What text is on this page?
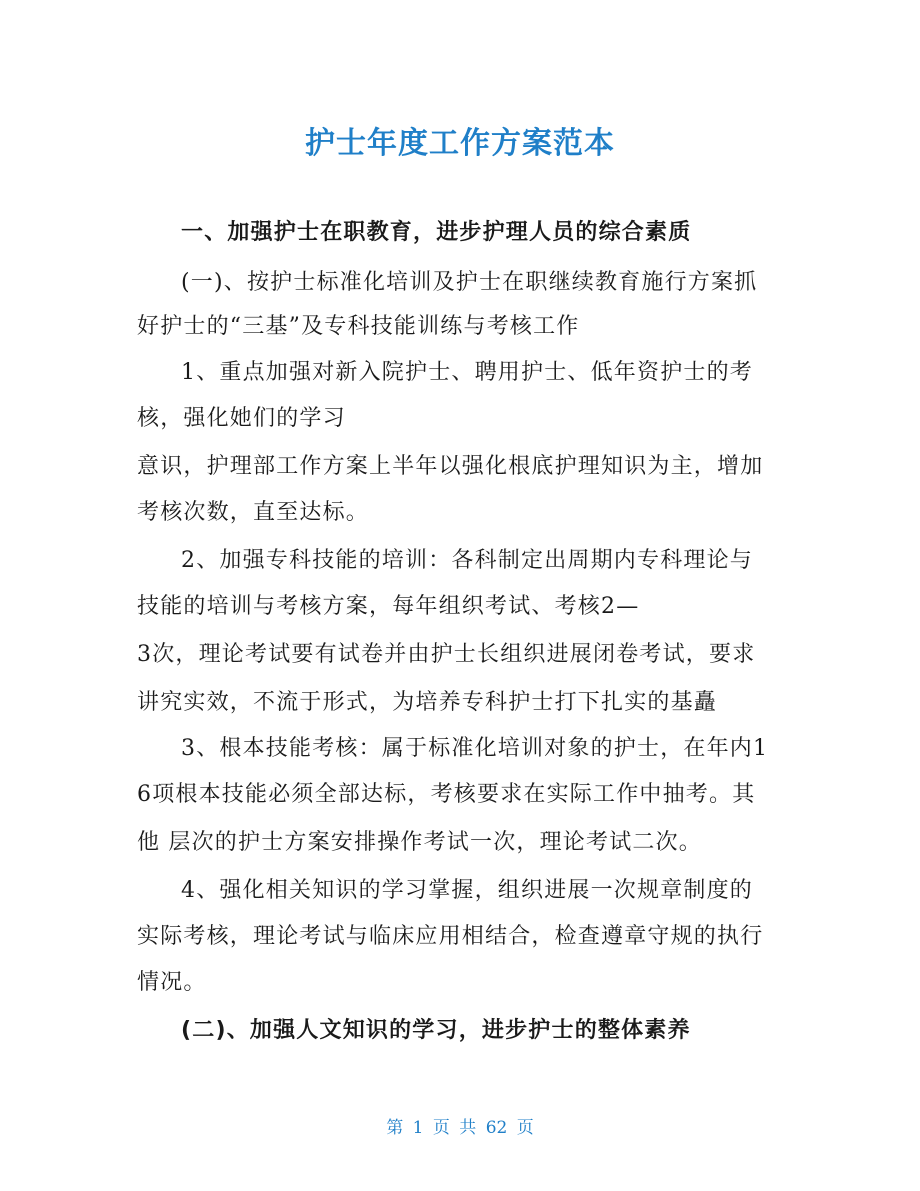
护士年度工作方案范本

一、加强护士在职教育，进步护理人员的综合素质

(一)、按护士标准化培训及护士在职继续教育施行方案抓

好护士的“三基”及专科技能训练与考核工作

1、重点加强对新入院护士、聘用护士、低年资护士的考

核，强化她们的学习

意识，护理部工作方案上半年以强化根底护理知识为主，增加

考核次数，直至达标。

2、加强专科技能的培训：各科制定出周期内专科理论与

技能的培训与考核方案，每年组织考试、考核2—

3次，理论考试要有试卷并由护士长组织进展闭卷考试，要求

讲究实效，不流于形式，为培养专科护士打下扎实的基矗

3、根本技能考核：属于标准化培训对象的护士，在年内1

6项根本技能必须全部达标，考核要求在实际工作中抽考。其

他 层次的护士方案安排操作考试一次，理论考试二次。

4、强化相关知识的学习掌握，组织进展一次规章制度的

实际考核，理论考试与临床应用相结合，检查遵章守规的执行

情况。

(二)、加强人文知识的学习，进步护士的整体素养

第 1 页 共 62 页
